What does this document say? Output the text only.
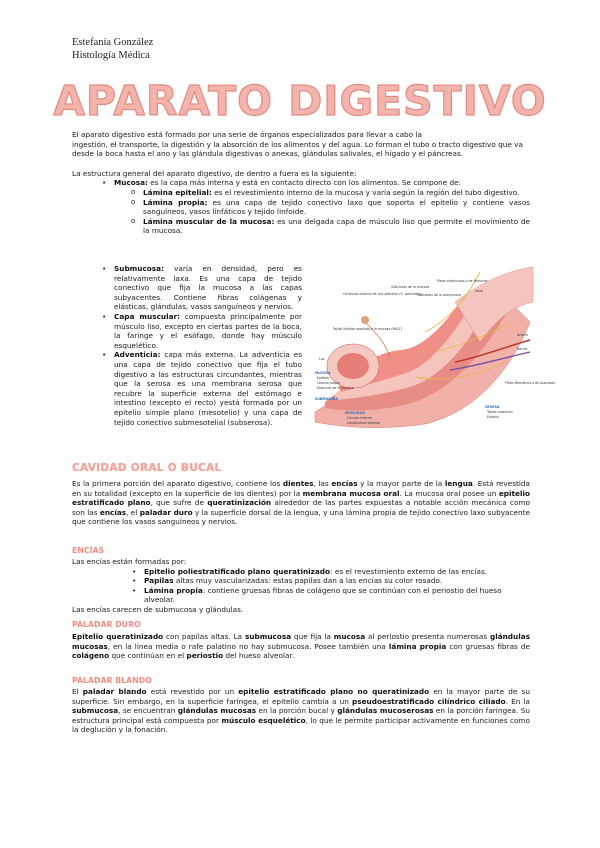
Estefanía González
Histología Médica
APARATO DIGESTIVO

El aparato digestivo está formado por una serie de órganos especializados para llevar a cabo la

ingestión, el transporte, la digestión y la absorción de los alimentos y del agua. Lo forman el tubo o tracto digestivo que va desde la boca hasta el ano y las glándula digestivas o anexas, glándulas salivales, el hígado y el páncreas.

La estructura general del aparato digestivo, de dentro a fuera es la siguiente:

• Mucosa: es la capa más interna y está en contacto directo con los alimentos. Se compone de:
o Lámina epitelial: es el revestimiento interno de la mucosa y varía según la región del tubo digestivo.
o Lámina propia: es una capa de tejido conectivo laxo que soporta el epitelio y contiene vasos sanguíneos, vasos linfáticos y tejido linfoide.
o Lámina muscular de la mucosa: es una delgada capa de músculo liso que permite el movimiento de la mucosa.
• Submucosa: varía en densidad, pero es relativamente laxa. Es una capa de tejido conectivo que fija la mucosa a las capas subyacentes. Contiene fibras colágenas y elásticas, glándulas, vasos sanguíneos y nervios.
• Capa muscular: compuesta principalmente por músculo liso, excepto en ciertas partes de la boca, la faringe y el esófago, donde hay músculo esquelético.
• Adventicia: capa más externa. La adventicia es una capa de tejido conectivo que fija el tubo digestivo a las estructuras circundantes, mientras que la serosa es una membrana serosa que recubre la superficie externa del estómago e intestino (excepto el recto) yestá formada por un epitelio simple plano (mesotelio) y una capa de tejido conectivo submesotelial (subserosa).
Conducto externo de una glándula (G. páncreas)
Glándulas de la mucosa
Glándulas de la submucosa
Plexo submucoso o de Meissner
Vena
Arteria
Nervio
Tejido linfoide asociado a la mucosa (MALT)
Luz
MUCOSA
Epitelio
Lámina propia
Muscular de la mucosa
SUBMUCOSA
Plexo Mientérico o de Auerbach
MUSCULAR
Circular interna
Longitudinal externa
SEROSA
Tejido conectivo
Epitelio
CAVIDAD ORAL O BUCAL

Es la primera porción del aparato digestivo, contiene los dientes, las encías y la mayor parte de la lengua. Está revestida en su totalidad (excepto en la superficie de los dientes) por la membrana mucosa oral. La mucosa oral posee un epitelio estratificado plano, que sufre de queratinización alrededor de las partes expuestas a notable acción mecánica como son las encías, el paladar duro y la superficie dorsal de la lengua, y una lámina propia de tejido conectivo laxo subyacente que contiene los vasos sanguíneos y nervios.

ENCÍAS

Las encías están formadas por:

• Epitelio poliestratificado plano queratinizado: es el revestimiento externo de las encías.
• Papilas altas muy vascularizadas: estas papilas dan a las encías su color rosado.
• Lámina propia: contiene gruesas fibras de colágeno que se continúan con el periostio del hueso alveolar.

Las encías carecen de submucosa y glándulas.

PALADAR DURO

Epitelio queratinizado con papilas altas. La submucosa que fija la mucosa al periostio presenta numerosas glándulas mucosas, en la línea media o rafe palatino no hay submucosa. Posee también una lámina propia con gruesas fibras de colágeno que continúan en el periostio del hueso alveolar.

PALADAR BLANDO

El paladar blando está revestido por un epitelio estratificado plano no queratinizado en la mayor parte de su superficie. Sin embargo, en la superficie faríngea, el epitelio cambia a un pseudoestratificado cilíndrico ciliado. En la submucosa, se encuentran glándulas mucosas en la porción bucal y glándulas mucoserosas en la porción faríngea. Su estructura principal está compuesta por músculo esquelético, lo que le permite participar activamente en funciones como la deglución y la fonación.
